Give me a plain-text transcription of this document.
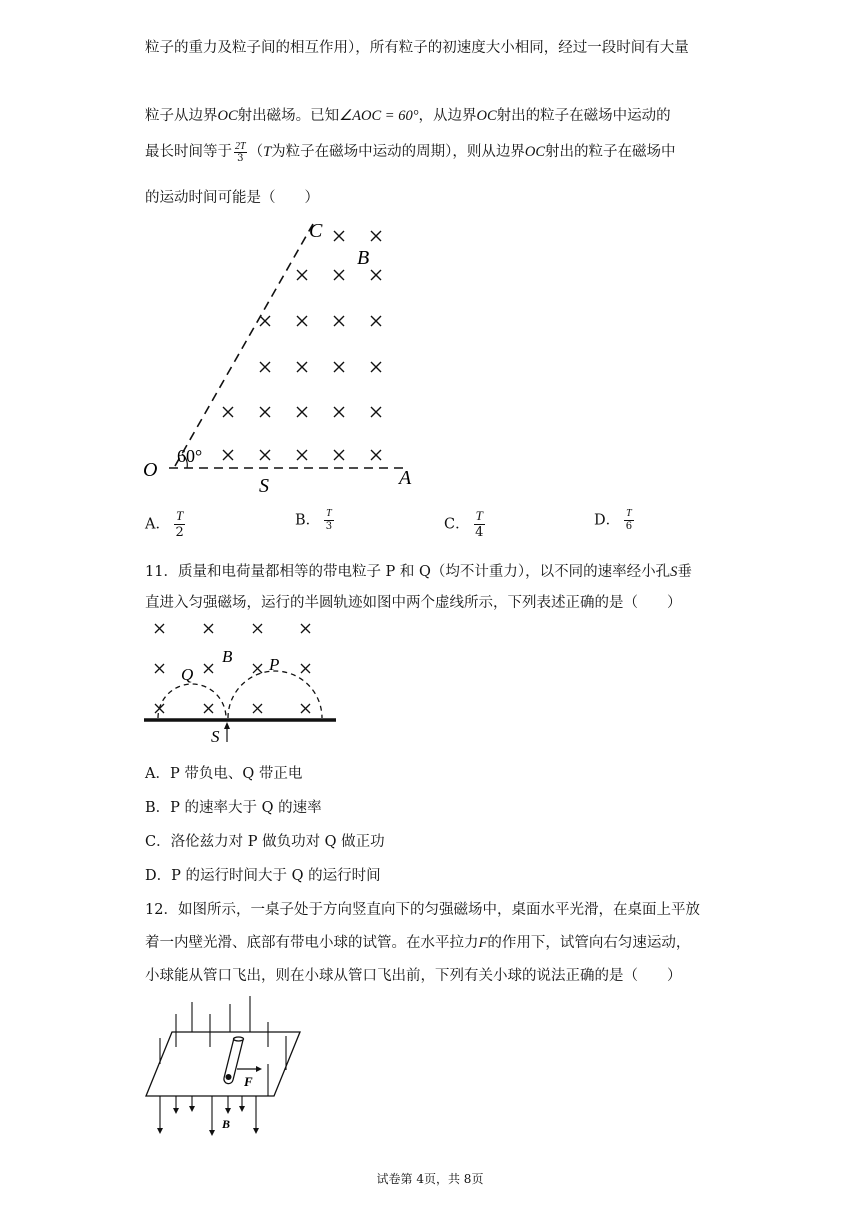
粒子的重力及粒子间的相互作用），所有粒子的初速度大小相同，经过一段时间有大量
粒子从边界OC射出磁场。已知∠AOC = 60°，从边界OC射出的粒子在磁场中运动的
最长时间等于 $\frac{2T}{3} (T$为粒子在磁场中运动的周期），则从边界OC射出的粒子在磁场中
的运动时间可能是（　　）
C
B
O
60°
S	A
A． $\frac{T}{2}$	B． $\frac{T}{3}$	C． $\frac{T}{4}$	D． $\frac{T}{6}$
11．质量和电荷量都相等的带电粒子 P 和 Q（均不计重力），以不同的速率经小孔S垂
直进入匀强磁场，运行的半圆轨迹如图中两个虚线所示，下列表述正确的是（　　）
Q
B P
S
A．P 带负电、Q 带正电
B．P 的速率大于 Q 的速率
C．洛伦兹力对 P 做负功对 Q 做正功
D．P 的运行时间大于 Q 的运行时间
12．如图所示，一桌子处于方向竖直向下的匀强磁场中，桌面水平光滑，在桌面上平放
着一内壁光滑、底部有带电小球的试管。在水平拉力F的作用下，试管向右匀速运动，
小球能从管口飞出，则在小球从管口飞出前，下列有关小球的说法正确的是（　　）
F
B
试卷第 4页，共 8页
